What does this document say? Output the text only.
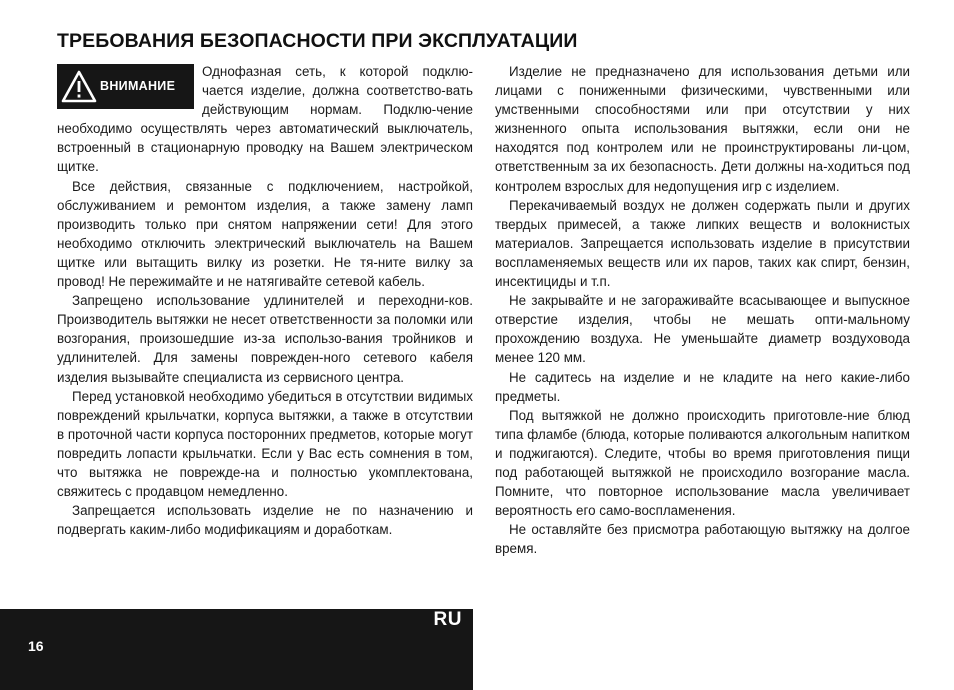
ТРЕБОВАНИЯ БЕЗОПАСНОСТИ ПРИ ЭКСПЛУАТАЦИИ
ВНИМАНИЕ

Однофазная сеть, к которой подклю-чается изделие, должна соответство-вать действующим нормам. Подклю-чение необходимо осуществлять через автоматический выключатель, встроенный в стационарную проводку на Вашем электрическом щитке.

Все действия, связанные с подключением, настройкой, обслуживанием и ремонтом изделия, а также замену ламп производить только при снятом напряжении сети! Для этого необходимо отключить электрический выключатель на Вашем щитке или вытащить вилку из розетки. Не тя-ните вилку за провод! Не пережимайте и не натягивайте сетевой кабель.

Запрещено использование удлинителей и переходни-ков. Производитель вытяжки не несет ответственности за поломки или возгорания, произошедшие из-за использо-вания тройников и удлинителей. Для замены поврежден-ного сетевого кабеля изделия вызывайте специалиста из сервисного центра.

Перед установкой необходимо убедиться в отсутствии видимых повреждений крыльчатки, корпуса вытяжки, а также в отсутствии в проточной части корпуса посторонних предметов, которые могут повредить лопасти крыльчатки. Если у Вас есть сомнения в том, что вытяжка не поврежде-на и полностью укомплектована, свяжитесь с продавцом немедленно.

Запрещается использовать изделие не по назначению и подвергать каким-либо модификациям и доработкам.

Изделие не предназначено для использования детьми или лицами с пониженными физическими, чувственными или умственными способностями или при отсутствии у них жизненного опыта использования вытяжки, если они не находятся под контролем или не проинструктированы ли-цом, ответственным за их безопасность. Дети должны на-ходиться под контролем взрослых для недопущения игр с изделием.

Перекачиваемый воздух не должен содержать пыли и других твердых примесей, а также липких веществ и волокнистых материалов. Запрещается использовать изделие в присутствии воспламеняемых веществ или их паров, таких как спирт, бензин, инсектициды и т.п.

Не закрывайте и не загораживайте всасывающее и выпускное отверстие изделия, чтобы не мешать опти-мальному прохождению воздуха. Не уменьшайте диаметр воздуховода менее 120 мм.

Не садитесь на изделие и не кладите на него какие-либо предметы.

Под вытяжкой не должно происходить приготовле-ние блюд типа фламбе (блюда, которые поливаются алкогольным напитком и поджигаются). Следите, чтобы во время приготовления пищи под работающей вытяжкой не происходило возгорание масла. Помните, что повторное использование масла увеличивает вероятность его само-воспламенения.

Не оставляйте без присмотра работающую вытяжку на долгое время.

RU
16
